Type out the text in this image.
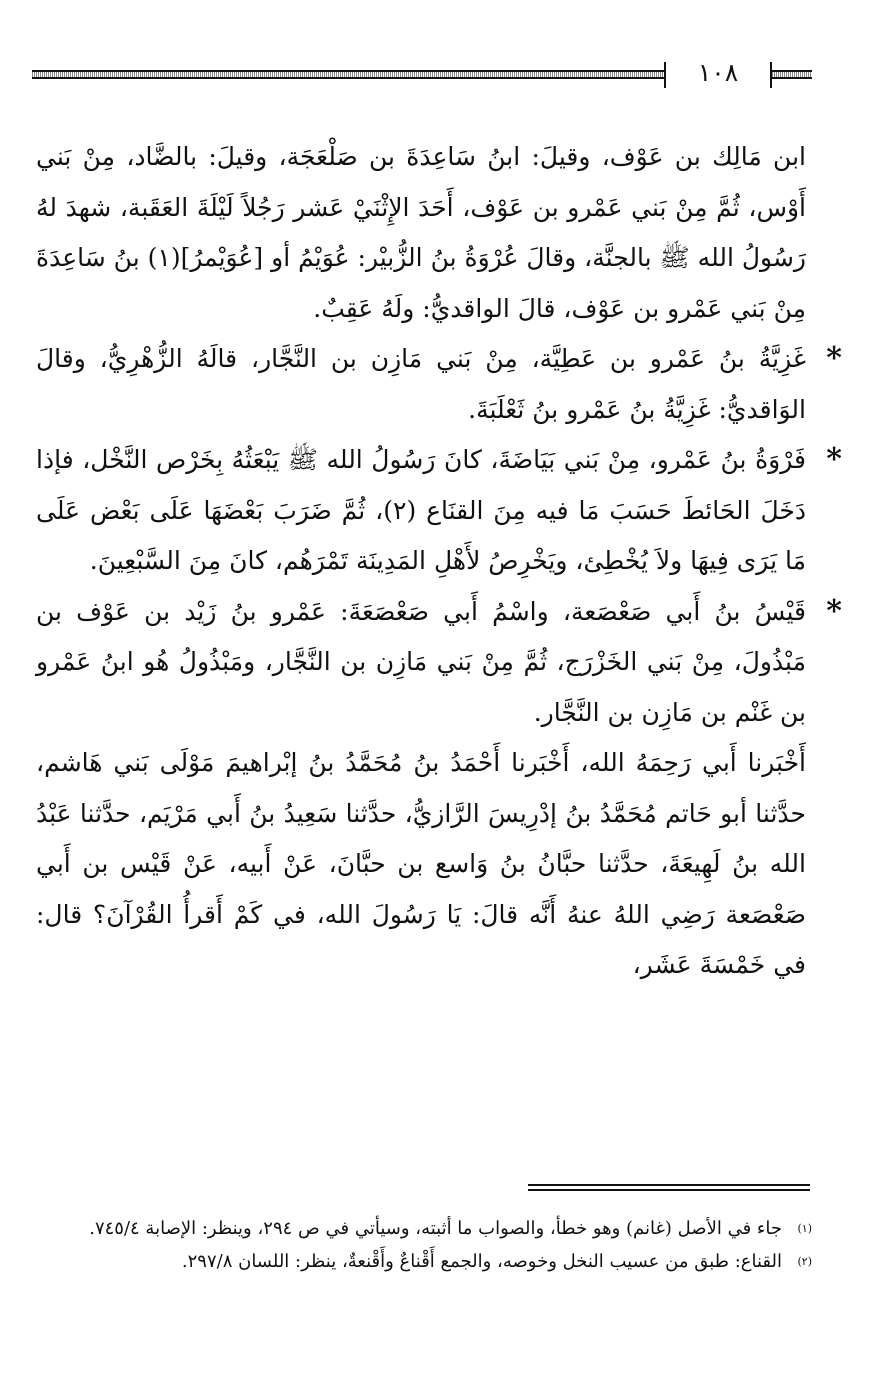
١٠٨

ابن مَالِك بن عَوْف، وقيلَ: ابنُ سَاعِدَةَ بن صَلْعَجَة، وقيلَ: بالضَّاد، مِنْ بَني أَوْس، ثُمَّ مِنْ بَني عَمْرو بن عَوْف، أَحَدَ الإِثْنَيْ عَشر رَجُلاً لَيْلَةَ العَقَبة، شهدَ لهُ رَسُولُ الله ﷺ بالجنَّة، وقالَ عُرْوَةُ بنُ الزُّبيْر: عُوَيْمُ أو [عُوَيْمرُ](١) بنُ سَاعِدَةَ مِنْ بَني عَمْرو بن عَوْف، قالَ الواقديُّ: ولَهُ عَقِبٌ.

*

غَزِيَّةُ بنُ عَمْرو بن عَطِيَّة، مِنْ بَني مَازِن بن النَّجَّار، قالَهُ الزُّهْرِيُّ، وقالَ الوَاقديُّ: غَزِيَّةُ بنُ عَمْرو بنُ ثَعْلَبَةَ.

*

فَرْوَةُ بنُ عَمْرو، مِنْ بَني بَيَاضَةَ، كانَ رَسُولُ الله ﷺ يَبْعَثُهُ بِخَرْص النَّخْل، فإذا دَخَلَ الحَائطَ حَسَبَ مَا فيه مِنَ القنَاع (٢)، ثُمَّ ضَرَبَ بَعْضَهَا عَلَى بَعْض عَلَى مَا يَرَى فِيهَا ولاَ يُخْطِئ، ويَخْرِصُ لأَهْلِ المَدِينَة تَمْرَهُم، كانَ مِنَ السَّبْعِينَ.

*

قَيْسُ بنُ أَبي صَعْصَعة، واسْمُ أَبي صَعْصَعَةَ: عَمْرو بنُ زَيْد بن عَوْف بن مَبْذُولَ، مِنْ بَني الخَزْرَج، ثُمَّ مِنْ بَني مَازِن بن النَّجَّار، ومَبْذُولُ هُو ابنُ عَمْرو بن غَنْم بن مَازِن بن النَّجَّار.

أَخْبَرنا أَبي رَحِمَهُ الله، أَخْبَرنا أَحْمَدُ بنُ مُحَمَّدُ بنُ إبْراهيمَ مَوْلَى بَني هَاشم، حدَّثنا أبو حَاتم مُحَمَّدُ بنُ إدْرِيسَ الرَّازيُّ، حدَّثنا سَعِيدُ بنُ أَبي مَرْيَم، حدَّثنا عَبْدُ الله بنُ لَهِيعَةَ، حدَّثنا حبَّانُ بنُ وَاسع بن حبَّانَ، عَنْ أَبيه، عَنْ قَيْس بن أَبي صَعْصَعة رَضِي اللهُ عنهُ أَنَّه قالَ: يَا رَسُولَ الله، في كَمْ أَقرأُ القُرْآنَ؟ قال: في خَمْسَةَ عَشَر،

(١)
جاء في الأصل (غانم) وهو خطأ، والصواب ما أثبته، وسيأتي في ص ٢٩٤، وينظر: الإصابة ٧٤٥/٤.
(٢)
القناع: طبق من عسيب النخل وخوصه، والجمع أَقْناعٌ وأَقْنعةٌ، ينظر: اللسان ٢٩٧/٨.
